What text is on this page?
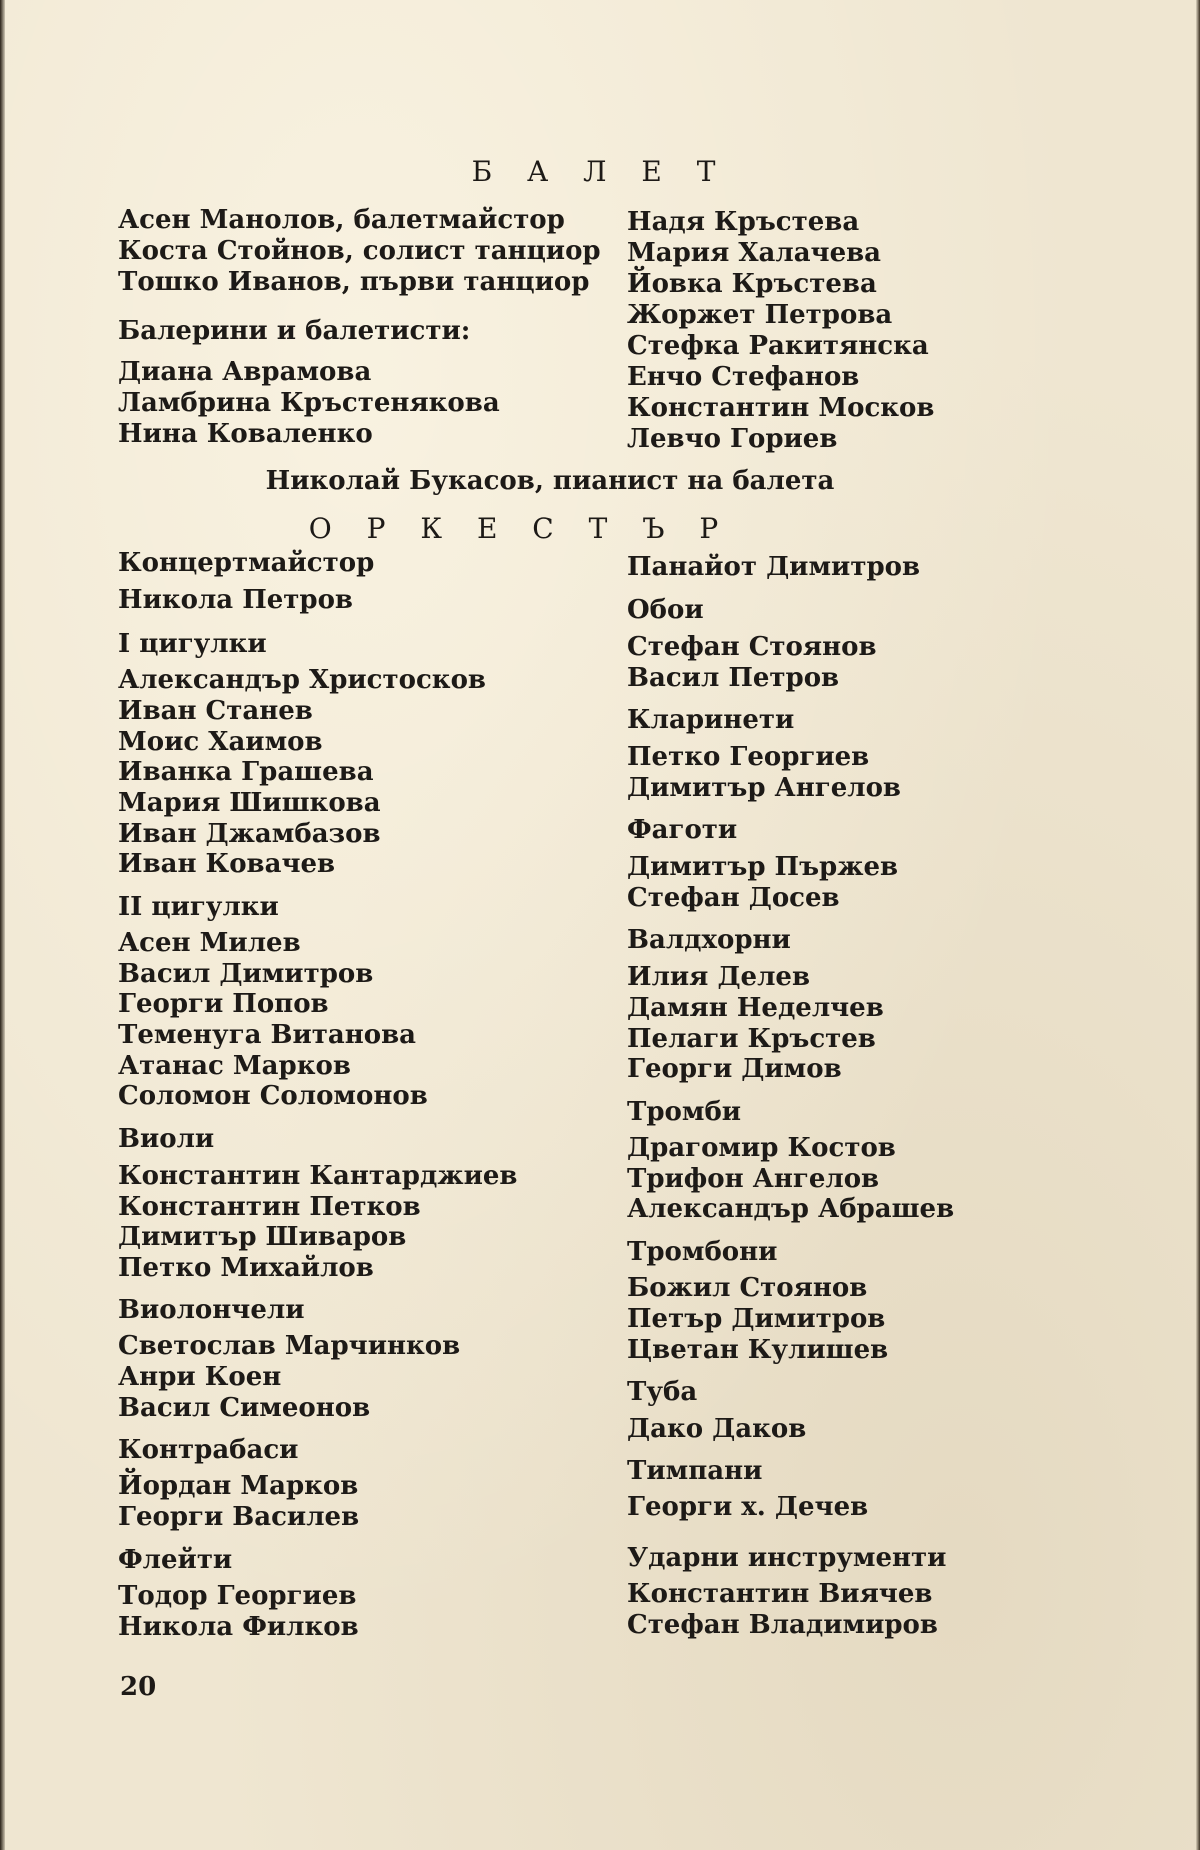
Б А Л Е Т
Асен Манолов, балетмайстор
Коста Стойнов, солист танциор
Тошко Иванов, първи танциор
Балерини и балетисти:
Диана Аврамова
Ламбрина Кръстенякова
Нина Коваленко
Надя Кръстева
Мария Халачева
Йовка Кръстева
Жоржет Петрова
Стефка Ракитянска
Енчо Стефанов
Константин Москов
Левчо Гориев
Николай Букасов, пианист на балета
О Р К Е С Т Ъ Р
Концертмайстор
Никола Петров
I цигулки
Александър Христосков
Иван Станев
Моис Хаимов
Иванка Грашева
Мария Шишкова
Иван Джамбазов
Иван Ковачев
II цигулки
Асен Милев
Васил Димитров
Георги Попов
Теменуга Витанова
Атанас Марков
Соломон Соломонов
Виоли
Константин Кантарджиев
Константин Петков
Димитър Шиваров
Петко Михайлов
Виолончели
Светослав Марчинков
Анри Коен
Васил Симеонов
Контрабаси
Йордан Марков
Георги Василев
Флейти
Тодор Георгиев
Никола Филков
Панайот Димитров
Обои
Стефан Стоянов
Васил Петров
Кларинети
Петко Георгиев
Димитър Ангелов
Фаготи
Димитър Пържев
Стефан Досев
Валдхорни
Илия Делев
Дамян Неделчев
Пелаги Кръстев
Георги Димов
Тромби
Драгомир Костов
Трифон Ангелов
Александър Абрашев
Тромбони
Божил Стоянов
Петър Димитров
Цветан Кулишев
Туба
Дако Даков
Тимпани
Георги х. Дечев
Ударни инструменти
Константин Виячев
Стефан Владимиров
20
